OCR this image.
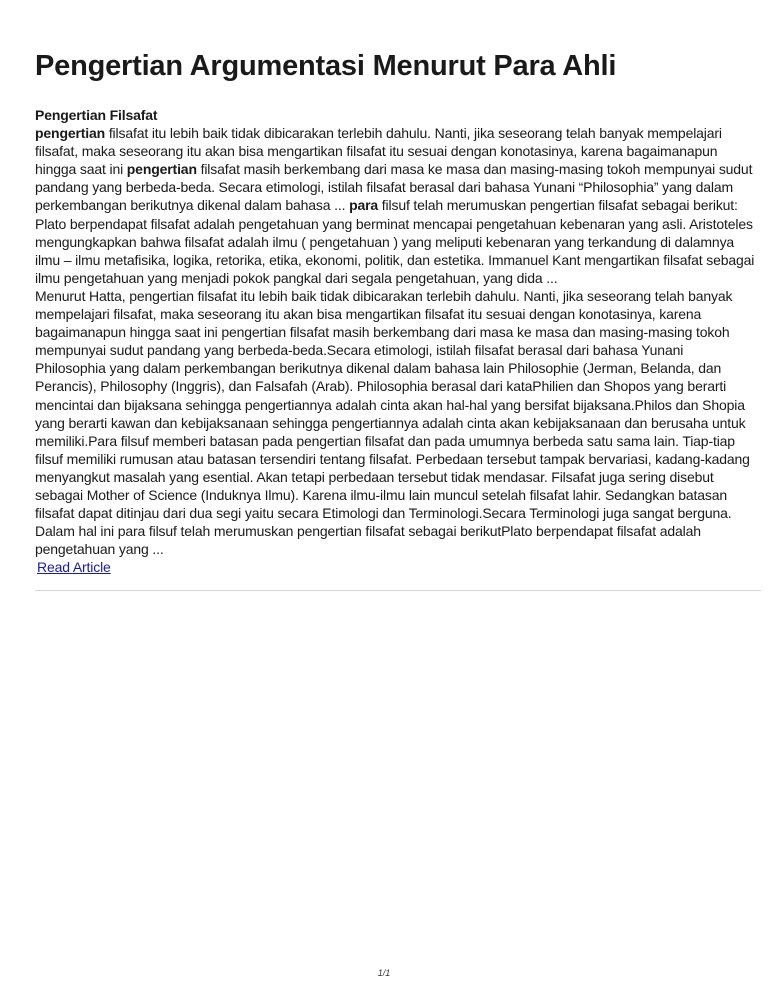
Pengertian Argumentasi Menurut Para Ahli

Pengertian Filsafat

pengertian filsafat itu lebih baik tidak dibicarakan terlebih dahulu. Nanti, jika seseorang telah banyak mempelajari filsafat, maka seseorang itu akan bisa mengartikan filsafat itu sesuai dengan konotasinya, karena bagaimanapun hingga saat ini pengertian filsafat masih berkembang dari masa ke masa dan masing-masing tokoh mempunyai sudut pandang yang berbeda-beda. Secara etimologi, istilah filsafat berasal dari bahasa Yunani “Philosophia” yang dalam perkembangan berikutnya dikenal dalam bahasa ... para filsuf telah merumuskan pengertian filsafat sebagai berikut: Plato berpendapat filsafat adalah pengetahuan yang berminat mencapai pengetahuan kebenaran yang asli. Aristoteles mengungkapkan bahwa filsafat adalah ilmu ( pengetahuan ) yang meliputi kebenaran yang terkandung di dalamnya ilmu – ilmu metafisika, logika, retorika, etika, ekonomi, politik, dan estetika. Immanuel Kant mengartikan filsafat sebagai ilmu pengetahuan yang menjadi pokok pangkal dari segala pengetahuan, yang dida ...

Menurut Hatta, pengertian filsafat itu lebih baik tidak dibicarakan terlebih dahulu. Nanti, jika seseorang telah banyak mempelajari filsafat, maka seseorang itu akan bisa mengartikan filsafat itu sesuai dengan konotasinya, karena bagaimanapun hingga saat ini pengertian filsafat masih berkembang dari masa ke masa dan masing-masing tokoh mempunyai sudut pandang yang berbeda-beda.Secara etimologi, istilah filsafat berasal dari bahasa Yunani Philosophia yang dalam perkembangan berikutnya dikenal dalam bahasa lain Philosophie (Jerman, Belanda, dan Perancis), Philosophy (Inggris), dan Falsafah (Arab). Philosophia berasal dari kataPhilien dan Shopos yang berarti mencintai dan bijaksana sehingga pengertiannya adalah cinta akan hal-hal yang bersifat bijaksana.Philos dan Shopia yang berarti kawan dan kebijaksanaan sehingga pengertiannya adalah cinta akan kebijaksanaan dan berusaha untuk memiliki.Para filsuf memberi batasan pada pengertian filsafat dan pada umumnya berbeda satu sama lain. Tiap-tiap filsuf memiliki rumusan atau batasan tersendiri tentang filsafat. Perbedaan tersebut tampak bervariasi, kadang-kadang menyangkut masalah yang esential. Akan tetapi perbedaan tersebut tidak mendasar. Filsafat juga sering disebut sebagai Mother of Science (Induknya Ilmu). Karena ilmu-ilmu lain muncul setelah filsafat lahir. Sedangkan batasan filsafat dapat ditinjau dari dua segi yaitu secara Etimologi dan Terminologi.Secara Terminologi juga sangat berguna. Dalam hal ini para filsuf telah merumuskan pengertian filsafat sebagai berikutPlato berpendapat filsafat adalah pengetahuan yang ...

Read Article
1/1
